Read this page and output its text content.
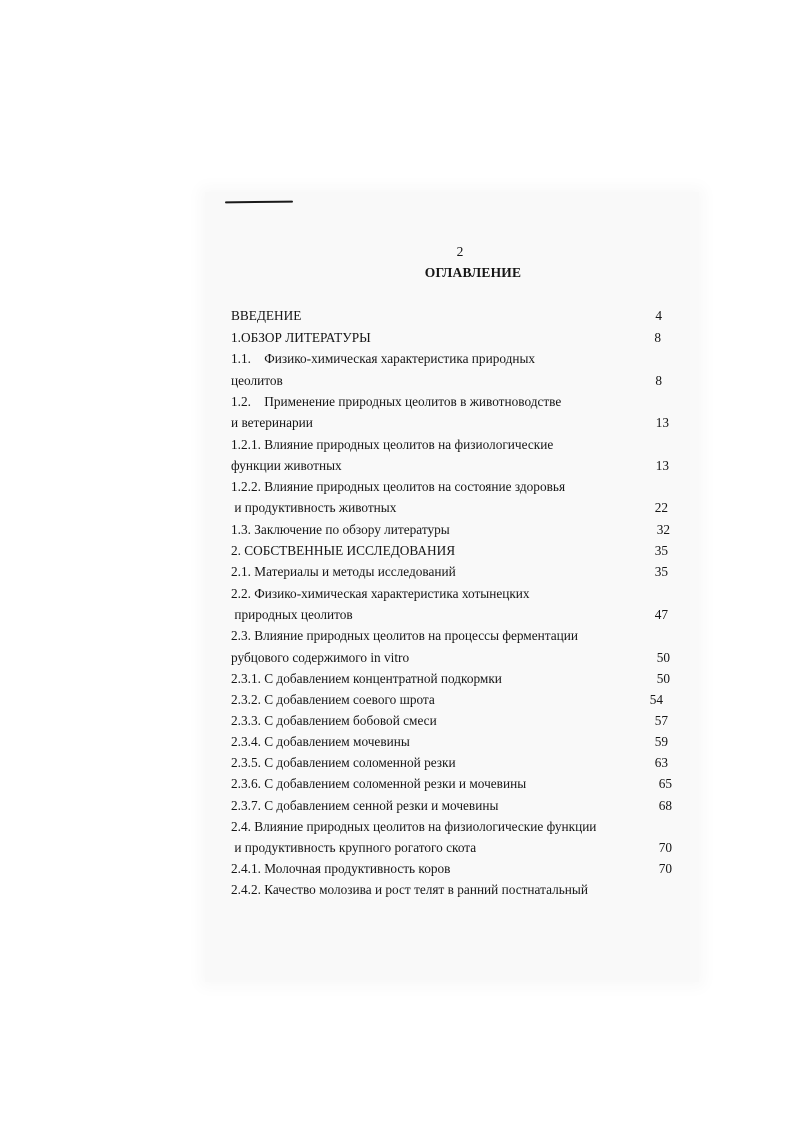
2
ОГЛАВЛЕНИЕ
ВВЕДЕНИЕ	4
1.ОБЗОР ЛИТЕРАТУРЫ	8
1.1.    Физико-химическая характеристика природных
цеолитов	8
1.2.    Применение природных цеолитов в животноводстве
и ветеринарии	13
1.2.1. Влияние природных цеолитов на физиологические
функции животных	13
1.2.2. Влияние природных цеолитов на состояние здоровья
и продуктивность животных	22
1.3. Заключение по обзору литературы	32
2. СОБСТВЕННЫЕ ИССЛЕДОВАНИЯ	35
2.1. Материалы и методы исследований	35
2.2. Физико-химическая характеристика хотынецких
природных цеолитов	47
2.3. Влияние природных цеолитов на процессы ферментации
рубцового содержимого in vitro	50
2.3.1. С добавлением концентратной подкормки	50
2.3.2. С добавлением соевого шрота	54
2.3.3. С добавлением бобовой смеси	57
2.3.4. С добавлением мочевины	59
2.3.5. С добавлением соломенной резки	63
2.3.6. С добавлением соломенной резки и мочевины	65
2.3.7. С добавлением сенной резки и мочевины	68
2.4. Влияние природных цеолитов на физиологические функции
и продуктивность крупного рогатого скота	70
2.4.1. Молочная продуктивность коров	70
2.4.2. Качество молозива и рост телят в ранний постнатальный
